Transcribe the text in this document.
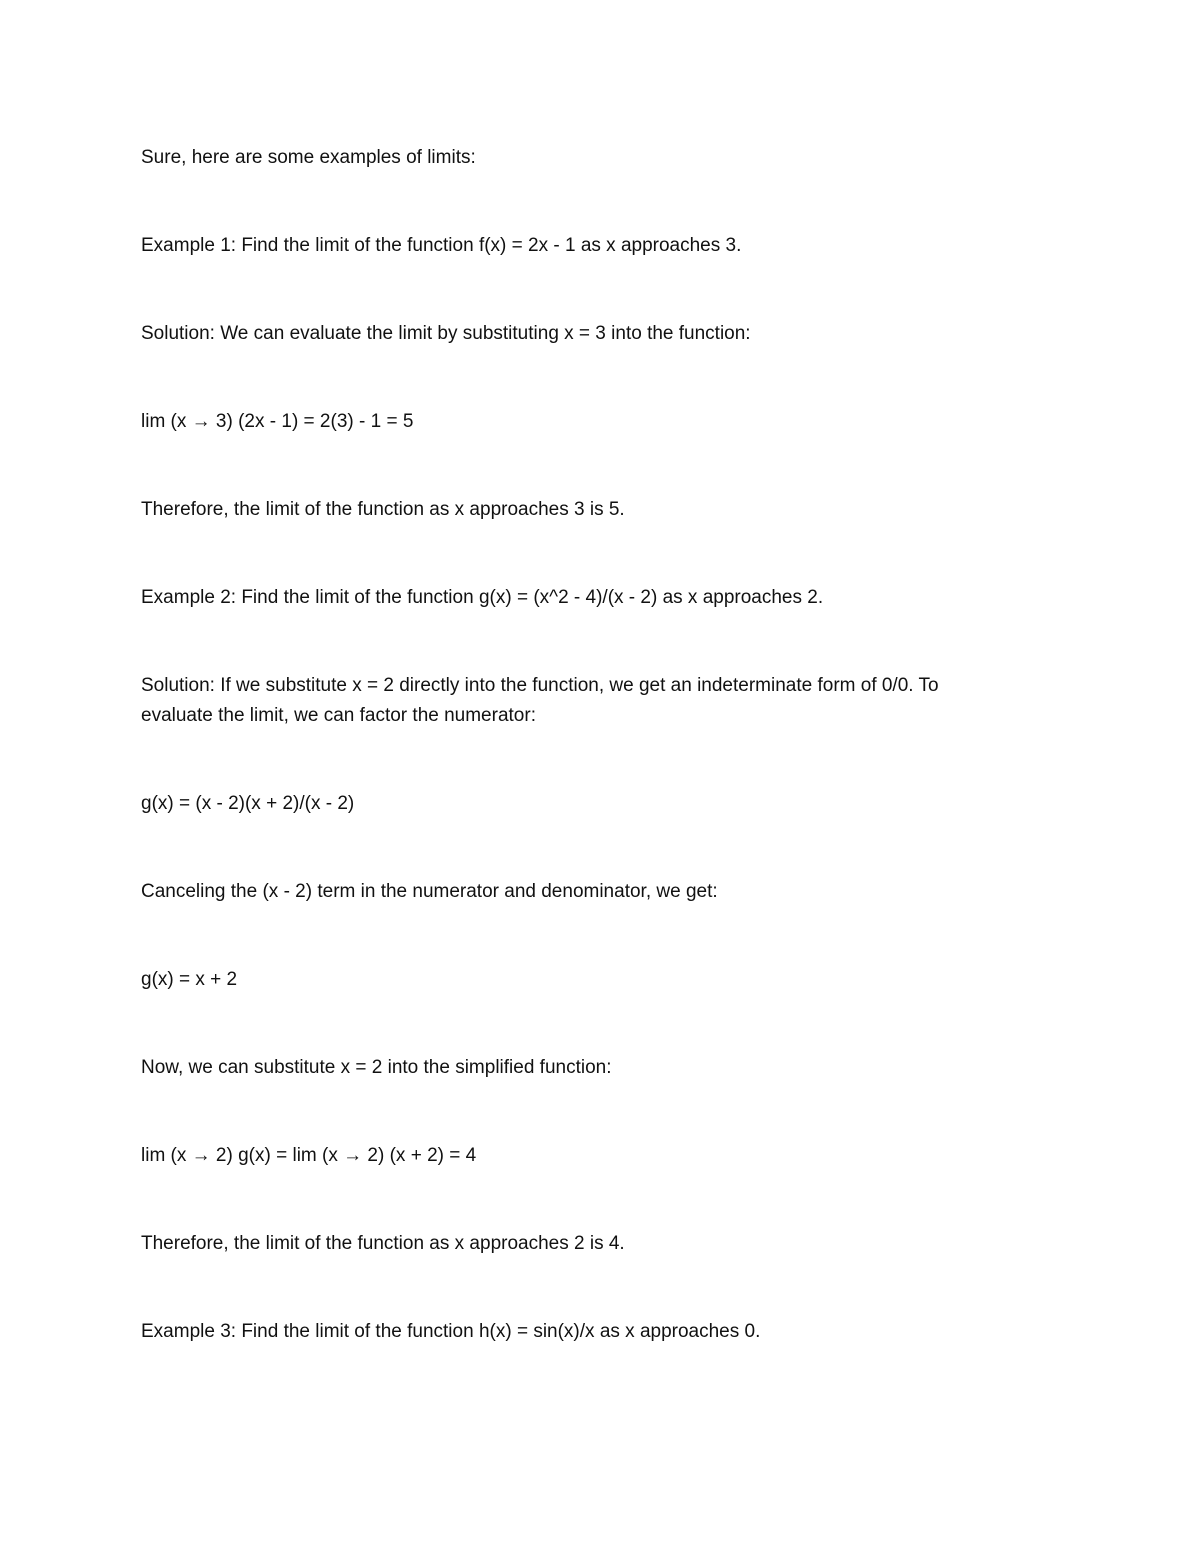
Sure, here are some examples of limits:

Example 1: Find the limit of the function f(x) = 2x - 1 as x approaches 3.

Solution: We can evaluate the limit by substituting x = 3 into the function:

lim (x → 3) (2x - 1) = 2(3) - 1 = 5

Therefore, the limit of the function as x approaches 3 is 5.

Example 2: Find the limit of the function g(x) = (x^2 - 4)/(x - 2) as x approaches 2.

Solution: If we substitute x = 2 directly into the function, we get an indeterminate form of 0/0. To evaluate the limit, we can factor the numerator:

g(x) = (x - 2)(x + 2)/(x - 2)

Canceling the (x - 2) term in the numerator and denominator, we get:

g(x) = x + 2

Now, we can substitute x = 2 into the simplified function:

lim (x → 2) g(x) = lim (x → 2) (x + 2) = 4

Therefore, the limit of the function as x approaches 2 is 4.

Example 3: Find the limit of the function h(x) = sin(x)/x as x approaches 0.
